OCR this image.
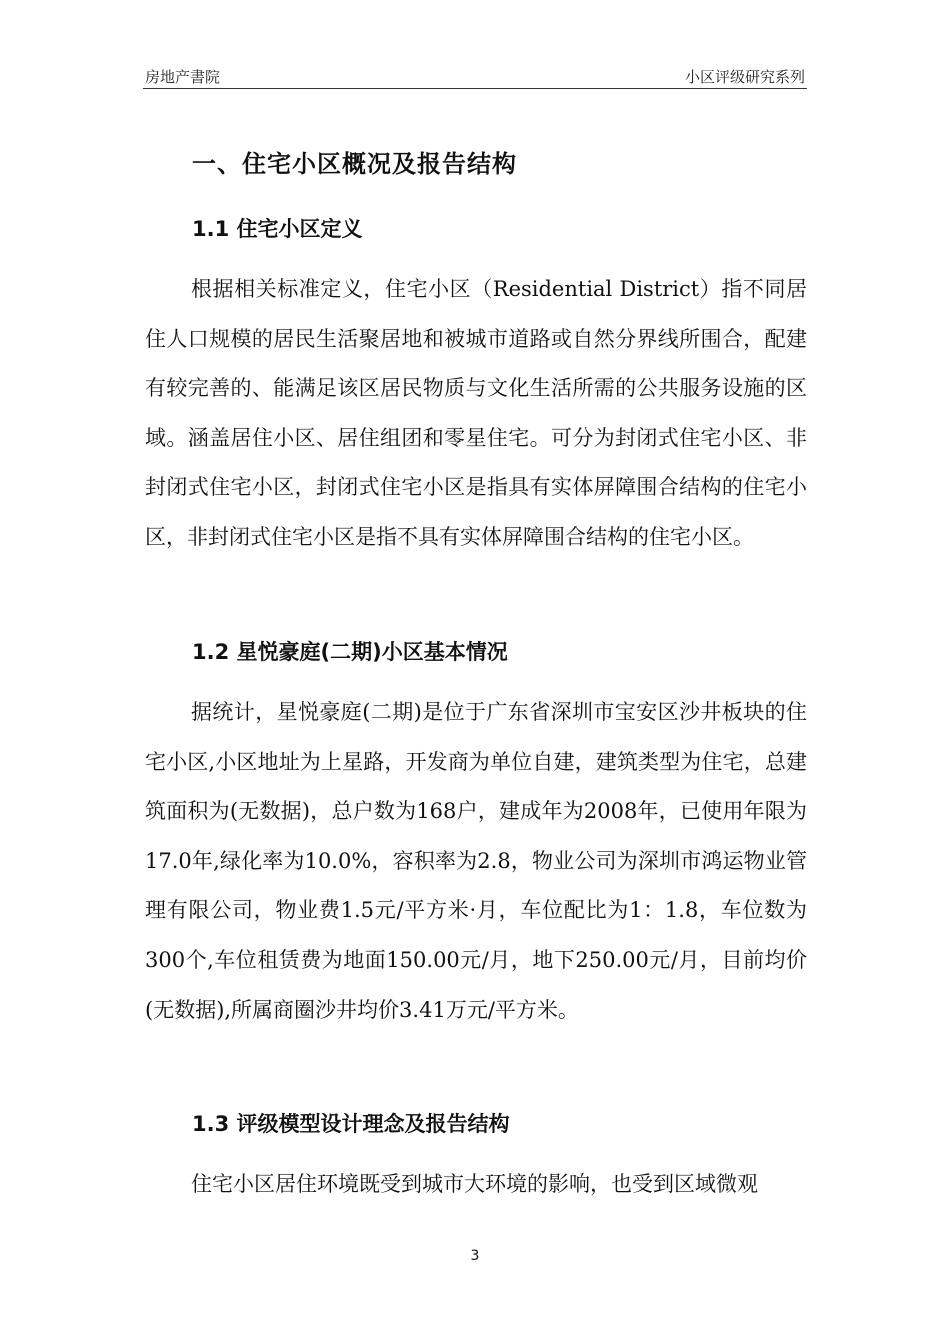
房地产書院	小区评级研究系列
一、住宅小区概况及报告结构
1.1 住宅小区定义

根据相关标准定义，住宅小区（Residential District）指不同居住人口规模的居民生活聚居地和被城市道路或自然分界线所围合，配建有较完善的、能满足该区居民物质与文化生活所需的公共服务设施的区域。涵盖居住小区、居住组团和零星住宅。可分为封闭式住宅小区、非封闭式住宅小区，封闭式住宅小区是指具有实体屏障围合结构的住宅小区，非封闭式住宅小区是指不具有实体屏障围合结构的住宅小区。

1.2 星悦豪庭(二期)小区基本情况

据统计，星悦豪庭(二期)是位于广东省深圳市宝安区沙井板块的住宅小区,小区地址为上星路，开发商为单位自建，建筑类型为住宅，总建筑面积为(无数据)，总户数为168户，建成年为2008年，已使用年限为17.0年,绿化率为10.0%，容积率为2.8，物业公司为深圳市鸿运物业管理有限公司，物业费1.5元/平方米·月，车位配比为1：1.8，车位数为300个,车位租赁费为地面150.00元/月，地下250.00元/月，目前均价(无数据),所属商圈沙井均价3.41万元/平方米。

1.3 评级模型设计理念及报告结构

住宅小区居住环境既受到城市大环境的影响，也受到区域微观

3
